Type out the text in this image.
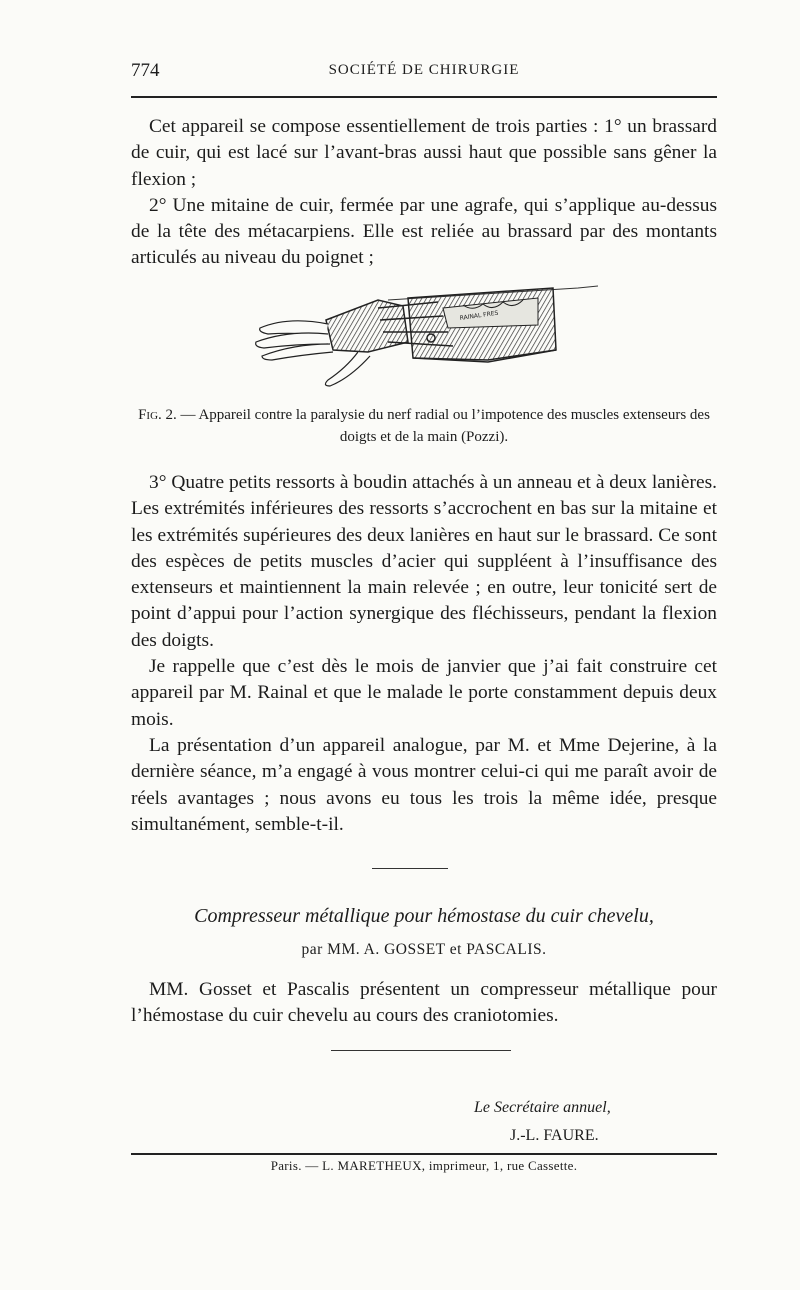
774	SOCIÉTÉ DE CHIRURGIE

Cet appareil se compose essentiellement de trois parties : 1° un brassard de cuir, qui est lacé sur l’avant-bras aussi haut que possible sans gêner la flexion ;

2° Une mitaine de cuir, fermée par une agrafe, qui s’applique au-dessus de la tête des métacarpiens. Elle est reliée au brassard par des montants articulés au niveau du poignet ;

RAINAL FRES
Fig. 2. — Appareil contre la paralysie du nerf radial ou l’impotence des muscles extenseurs des doigts et de la main (Pozzi).

3° Quatre petits ressorts à boudin attachés à un anneau et à deux lanières. Les extrémités inférieures des ressorts s’accrochent en bas sur la mitaine et les extrémités supérieures des deux lanières en haut sur le brassard. Ce sont des espèces de petits muscles d’acier qui suppléent à l’insuffisance des extenseurs et maintiennent la main relevée ; en outre, leur tonicité sert de point d’appui pour l’action synergique des fléchisseurs, pendant la flexion des doigts.

Je rappelle que c’est dès le mois de janvier que j’ai fait construire cet appareil par M. Rainal et que le malade le porte constamment depuis deux mois.

La présentation d’un appareil analogue, par M. et Mme Dejerine, à la dernière séance, m’a engagé à vous montrer celui-ci qui me paraît avoir de réels avantages ; nous avons eu tous les trois la même idée, presque simultanément, semble-t-il.

Compresseur métallique pour hémostase du cuir chevelu,
par MM. A. GOSSET et PASCALIS.

MM. Gosset et Pascalis présentent un compresseur métallique pour l’hémostase du cuir chevelu au cours des craniotomies.

Le Secrétaire annuel,
J.-L. FAURE.
Paris. — L. MARETHEUX, imprimeur, 1, rue Cassette.
